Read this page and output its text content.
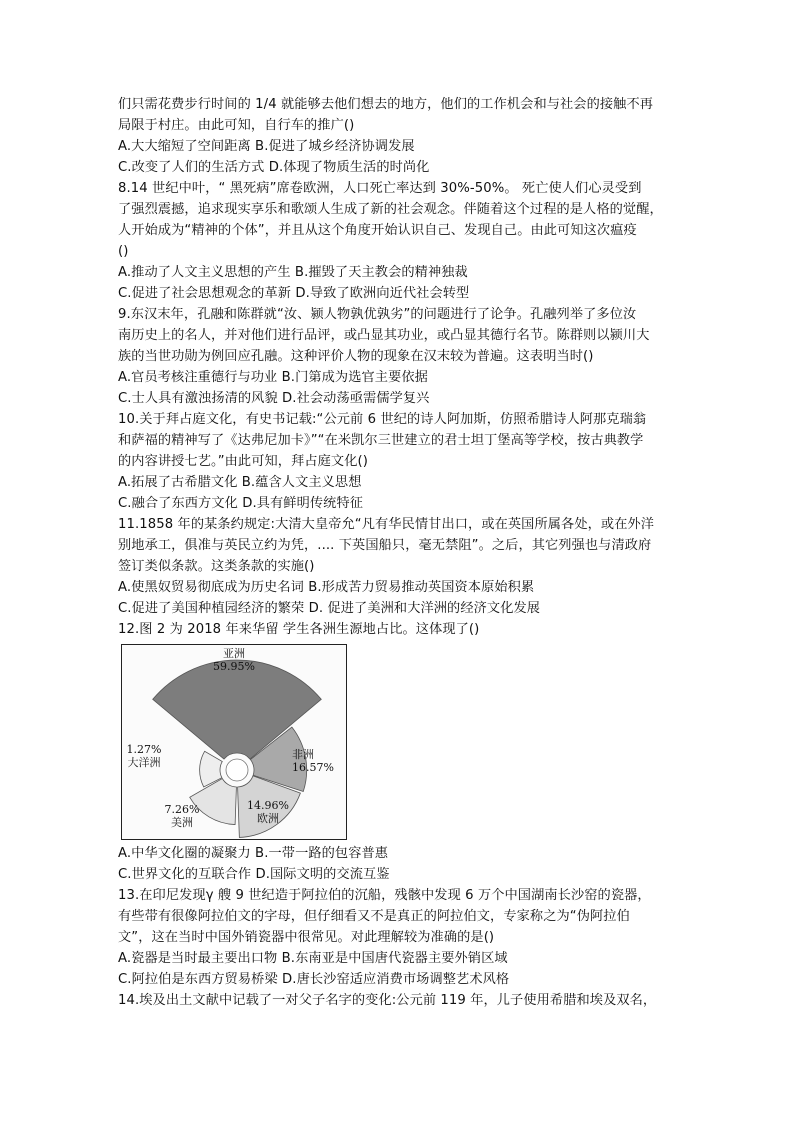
们只需花费步行时间的 1/4 就能够去他们想去的地方，他们的工作机会和与社会的接触不再
局限于村庄。由此可知，自行车的推广()
A.大大缩短了空间距离 B.促进了城乡经济协调发展
C.改变了人们的生活方式 D.体现了物质生活的时尚化
8.14 世纪中叶，“ 黑死病”席卷欧洲，人口死亡率达到 30%-50%。 死亡使人们心灵受到
了强烈震撼，追求现实享乐和歌颂人生成了新的社会观念。伴随着这个过程的是人格的觉醒，
人开始成为“精神的个体”，并且从这个角度开始认识自己、发现自己。由此可知这次瘟疫
()
A.推动了人文主义思想的产生 B.摧毁了天主教会的精神独裁
C.促进了社会思想观念的革新 D.导致了欧洲向近代社会转型
9.东汉末年，孔融和陈群就“汝、颍人物孰优孰劣”的问题进行了论争。孔融列举了多位汝
南历史上的名人，并对他们进行品评，或凸显其功业，或凸显其德行名节。陈群则以颍川大
族的当世功勋为例回应孔融。这种评价人物的现象在汉末较为普遍。这表明当时()
A.官员考核注重德行与功业 B.门第成为选官主要依据
C.士人具有激浊扬清的风貌 D.社会动荡亟需儒学复兴
10.关于拜占庭文化，有史书记载:“公元前 6 世纪的诗人阿加斯，仿照希腊诗人阿那克瑞翁
和萨福的精神写了《达弗尼加卡》”“在米凯尔三世建立的君士坦丁堡高等学校，按古典教学
的内容讲授七艺。”由此可知，拜占庭文化()
A.拓展了古希腊文化 B.蕴含人文主义思想
C.融合了东西方文化 D.具有鲜明传统特征
11.1858 年的某条约规定:大清大皇帝允“凡有华民情甘出口，或在英国所属各处，或在外洋
别地承工，俱准与英民立约为凭，.... 下英国船只，毫无禁阻”。之后，其它列强也与清政府
签订类似条款。这类条款的实施()
A.使黑奴贸易彻底成为历史名词 B.形成苦力贸易推动英国资本原始积累
C.促进了美国种植园经济的繁荣 D. 促进了美洲和大洋洲的经济文化发展
12.图 2 为 2018 年来华留 学生各洲生源地占比。这体现了()
亚洲
59.95%
非洲
16.57%
欧洲
14.96%
美洲
7.26%
大洋洲
1.27%
A.中华文化圈的凝聚力 B.一带一路的包容普惠
C.世界文化的互联合作 D.国际文明的交流互鉴
13.在印尼发现γ 艘 9 世纪造于阿拉伯的沉船，残骸中发现 6 万个中国湖南长沙窑的瓷器，
有些带有很像阿拉伯文的字母，但仔细看又不是真正的阿拉伯文，专家称之为“伪阿拉伯
文”，这在当时中国外销瓷器中很常见。对此理解较为准确的是()
A.瓷器是当时最主要出口物 B.东南亚是中国唐代瓷器主要外销区域
C.阿拉伯是东西方贸易桥梁 D.唐长沙窑适应消费市场调整艺术风格
14.埃及出土文献中记载了一对父子名字的变化:公元前 119 年，儿子使用希腊和埃及双名，
